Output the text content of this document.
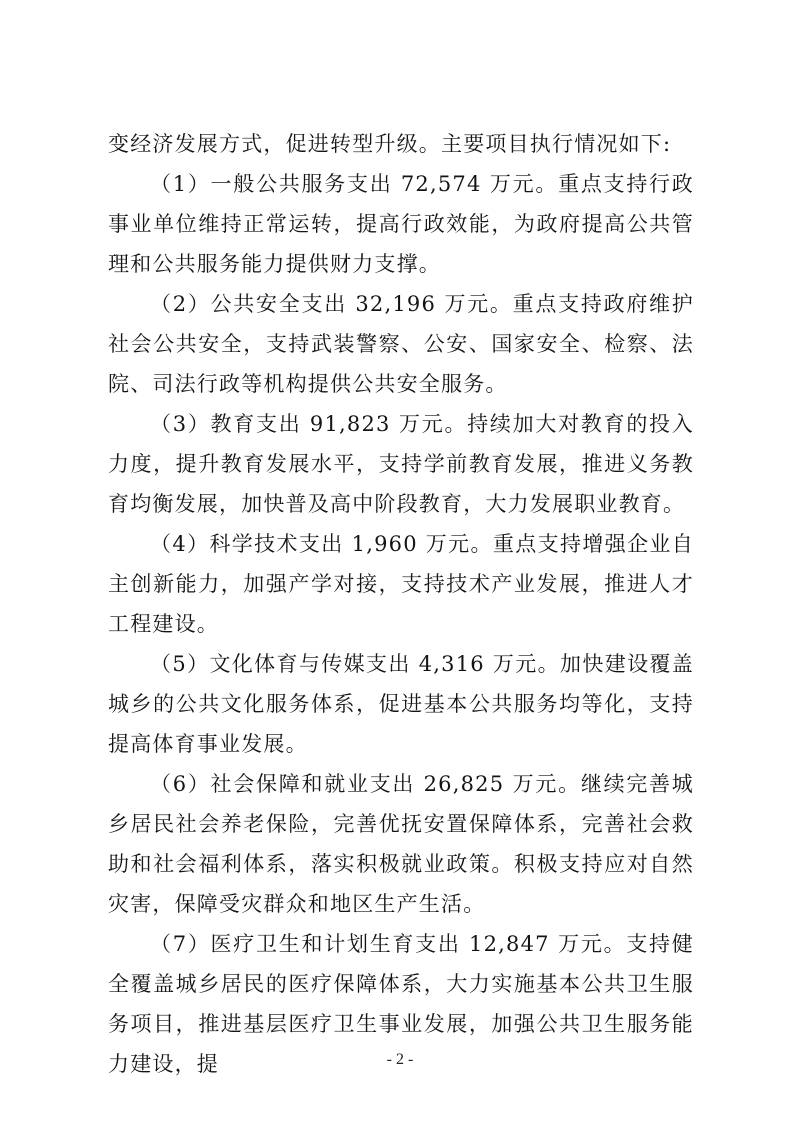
变经济发展方式，促进转型升级。主要项目执行情况如下:

（1）一般公共服务支出 72,574 万元。重点支持行政事业单位维持正常运转，提高行政效能，为政府提高公共管理和公共服务能力提供财力支撑。

（2）公共安全支出 32,196 万元。重点支持政府维护社会公共安全，支持武装警察、公安、国家安全、检察、法院、司法行政等机构提供公共安全服务。

（3）教育支出 91,823 万元。持续加大对教育的投入力度，提升教育发展水平，支持学前教育发展，推进义务教育均衡发展，加快普及高中阶段教育，大力发展职业教育。

（4）科学技术支出 1,960 万元。重点支持增强企业自主创新能力，加强产学对接，支持技术产业发展，推进人才工程建设。

（5）文化体育与传媒支出 4,316 万元。加快建设覆盖城乡的公共文化服务体系，促进基本公共服务均等化，支持提高体育事业发展。

（6）社会保障和就业支出 26,825 万元。继续完善城乡居民社会养老保险，完善优抚安置保障体系，完善社会救助和社会福利体系，落实积极就业政策。积极支持应对自然灾害，保障受灾群众和地区生产生活。

（7）医疗卫生和计划生育支出 12,847 万元。支持健全覆盖城乡居民的医疗保障体系，大力实施基本公共卫生服务项目，推进基层医疗卫生事业发展，加强公共卫生服务能力建设，提	- 2 -
